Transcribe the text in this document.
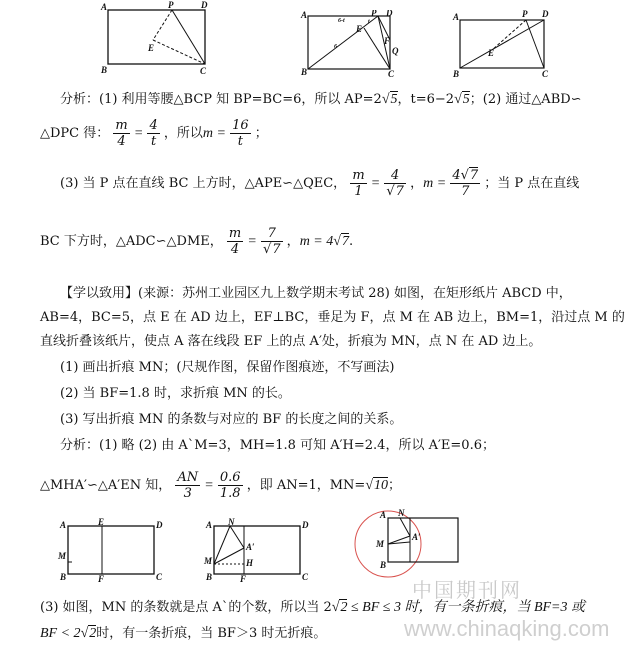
A	P	D
E
B	C
A	P D
E
B	C
F
Q
6-t	t
6
A	P D
E
B	C
分析：(1) 利用等腰△BCP 知 BP=BC=6，所以 AP=2√5，t=6−2√5；(2) 通过△ABD∽
△DPC 得： $\frac{m}{4} = \frac{4}{t}$ ，所以$m = \frac{16}{t}$ ；
(3) 当 P 点在直线 BC 上方时，△APE∽△QEC， $\frac{m}{1} = \frac{4}{√7}$ ，$m = \frac{4√7}{7}$ ；当 P 点在直线
BC 下方时，△ADC∽△DME， $\frac{m}{4} = \frac{7}{√7}$ ，m = 4√7.
【学以致用】(来源：苏州工业园区九上数学期末考试 28) 如图，在矩形纸片 ABCD 中，
AB=4，BC=5，点 E 在 AD 边上，EF⊥BC，垂足为 F，点 M 在 AB 边上，BM=1，沿过点 M 的
直线折叠该纸片，使点 A 落在线段 EF 上的点 A′处，折痕为 MN，点 N 在 AD 边上。
(1) 画出折痕 MN；(尺规作图，保留作图痕迹，不写画法)
(2) 当 BF=1.8 时，求折痕 MN 的长。
(3) 写出折痕 MN 的条数与对应的 BF 的长度之间的关系。
分析：(1) 略 (2) 由 A`M=3，MH=1.8 可知 A′H=2.4，所以 A′E=0.6；
△MHA′∽△A′EN 知， $\frac{AN}{3} = \frac{0.6}{1.8}$ ，即 AN=1，MN=√10；
A	E	D
M
B	F	C
A N	D
M
B	F	C
H
A′
A N
M
B
A′
中国期刊网
www.chinaqking.com
(3) 如图，MN 的条数就是点 A`的个数，所以当 2√2 ≤ BF ≤ 3 时，有一条折痕，当 BF=3 或
BF < 2√2时，有一条折痕，当 BF＞3 时无折痕。
